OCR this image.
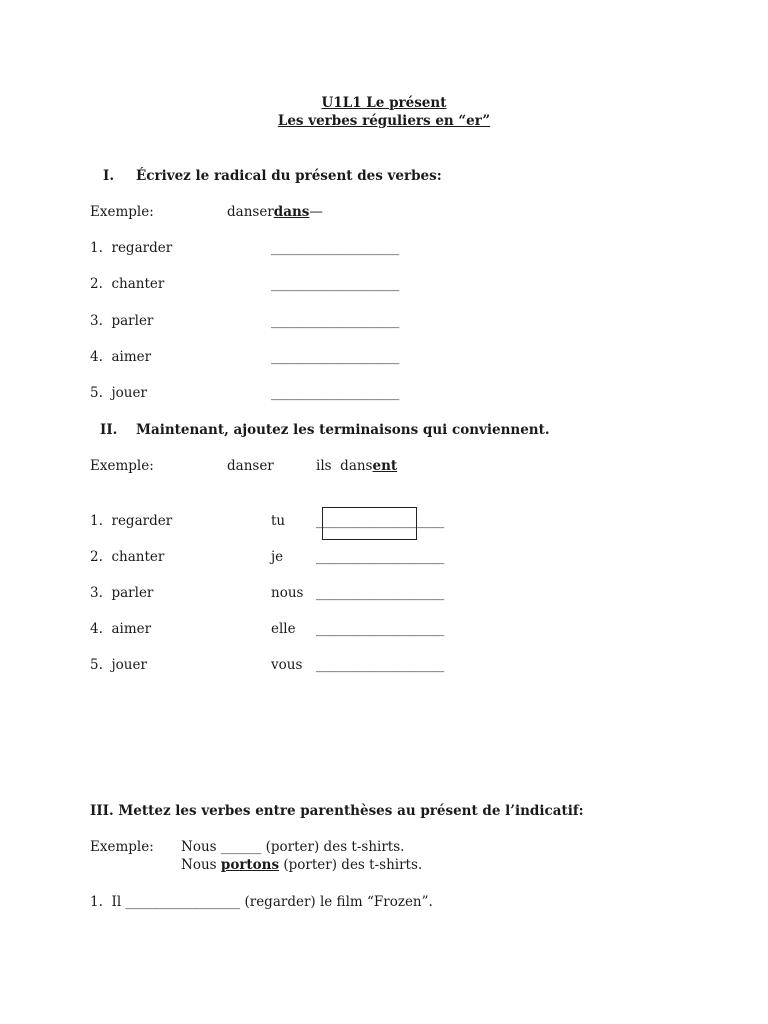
U1L1 Le présent
Les verbes réguliers en “er”
I. Écrivez le radical du présent des verbes:
Exemple:	danserdans—
1. regarder	___________________
2. chanter	___________________
3. parler	___________________
4. aimer	___________________
5. jouer	___________________
II. Maintenant, ajoutez les terminaisons qui conviennent.
Exemple:	danser	ils dansent
1. regarder	tu ___________________
2. chanter	je ___________________
3. parler	nous ___________________
4. aimer	elle ___________________
5. jouer	vous ___________________
III. Mettez les verbes entre parenthèses au présent de l’indicatif:
Exemple: Nous ______ (porter) des t-shirts.
Nous portons (porter) des t-shirts.
1. Il _________________ (regarder) le film “Frozen”.
